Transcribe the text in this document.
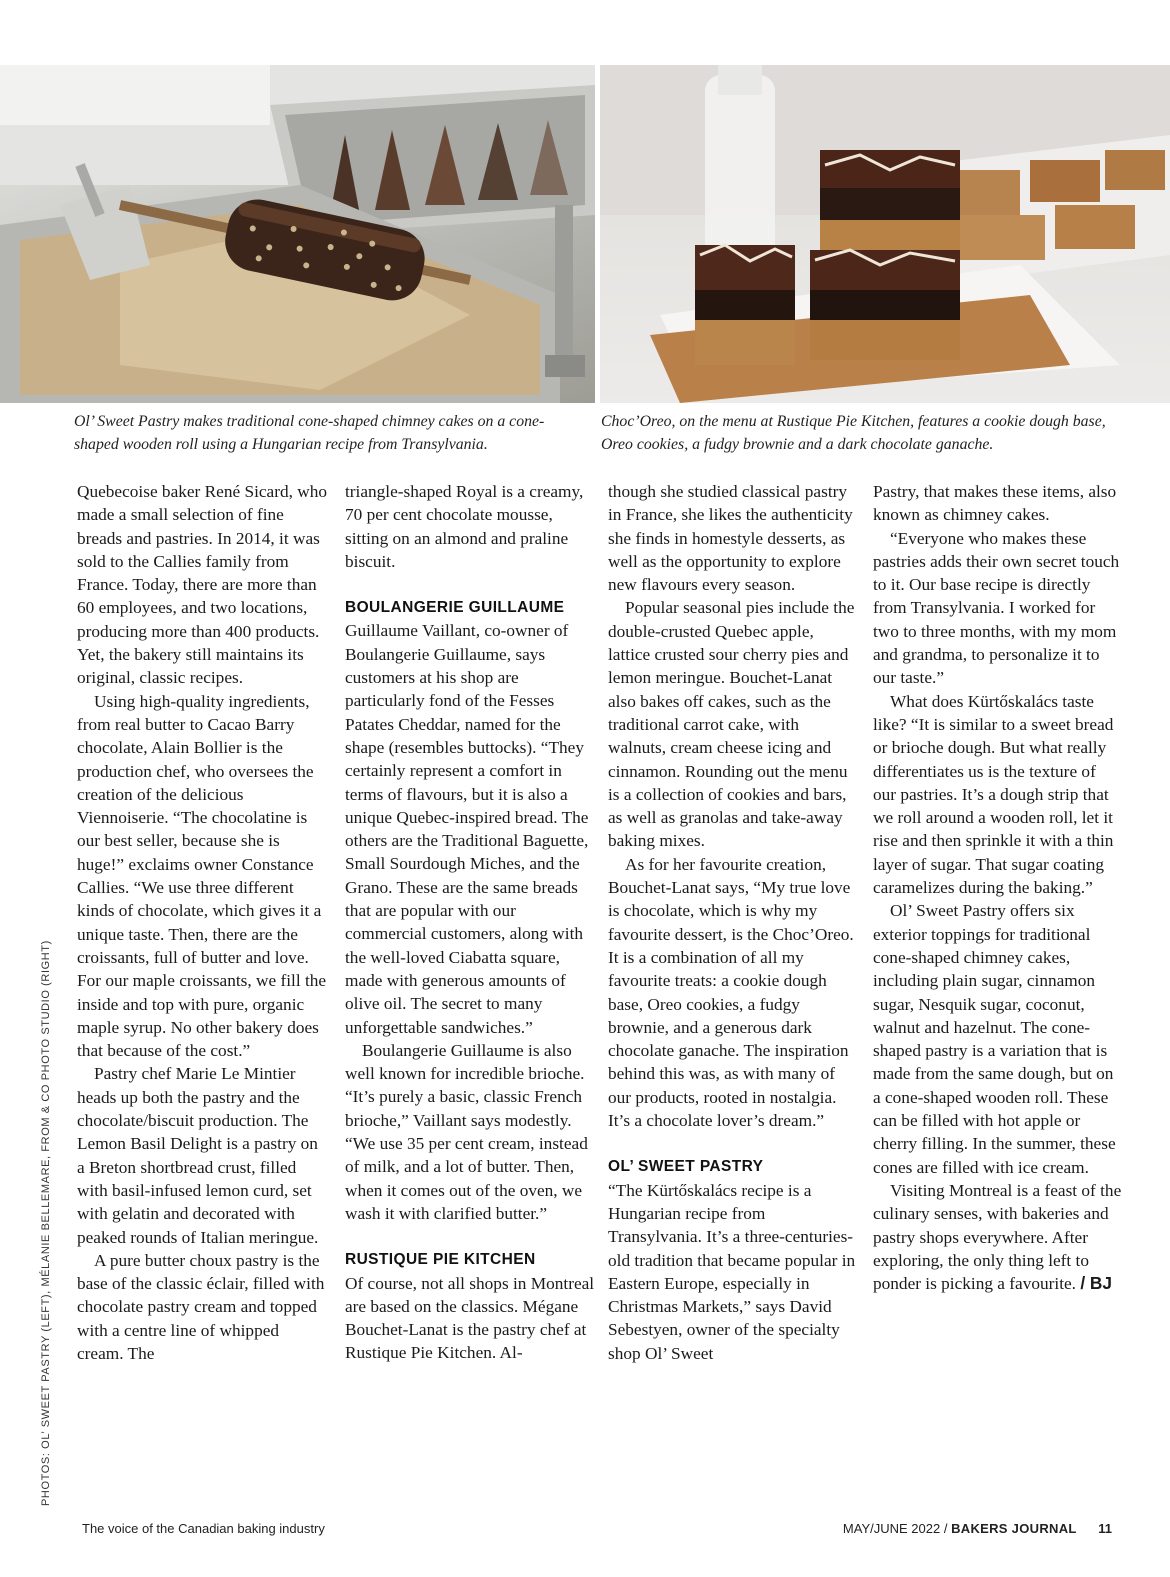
Ol’ Sweet Pastry makes traditional cone-shaped chimney cakes on a cone-shaped wooden roll using a Hungarian recipe from Transylvania.
Choc’Oreo, on the menu at Rustique Pie Kitchen, features a cookie dough base, Oreo cookies, a fudgy brownie and a dark chocolate ganache.
PHOTOS: OL’ SWEET PASTRY (LEFT), MÉLANIE BELLEMARE, FROM & CO PHOTO STUDIO (RIGHT)

Quebecoise baker René Sicard, who made a small selection of fine breads and pastries. In 2014, it was sold to the Callies family from France. Today, there are more than 60 employees, and two locations, producing more than 400 products. Yet, the bakery still maintains its original, classic recipes.

Using high-quality ingredients, from real butter to Cacao Barry chocolate, Alain Bollier is the production chef, who oversees the creation of the delicious Viennoiserie. “The chocolatine is our best seller, because she is huge!” exclaims owner Constance Callies. “We use three different kinds of chocolate, which gives it a unique taste. Then, there are the croissants, full of butter and love. For our maple croissants, we fill the inside and top with pure, organic maple syrup. No other bakery does that because of the cost.”

Pastry chef Marie Le Mintier heads up both the pastry and the chocolate/biscuit production. The Lemon Basil Delight is a pastry on a Breton shortbread crust, filled with basil-infused lemon curd, set with gelatin and decorated with peaked rounds of Italian meringue.

A pure butter choux pastry is the base of the classic éclair, filled with chocolate pastry cream and topped with a centre line of whipped cream. The

triangle-shaped Royal is a creamy, 70 per cent chocolate mousse, sitting on an almond and praline biscuit.

BOULANGERIE GUILLAUME

Guillaume Vaillant, co-owner of Boulangerie Guillaume, says customers at his shop are particularly fond of the Fesses Patates Cheddar, named for the shape (resembles buttocks). “They certainly represent a comfort in terms of flavours, but it is also a unique Quebec-inspired bread. The others are the Traditional Baguette, Small Sourdough Miches, and the Grano. These are the same breads that are popular with our commercial customers, along with the well-loved Ciabatta square, made with generous amounts of olive oil. The secret to many unforgettable sandwiches.”

Boulangerie Guillaume is also well known for incredible brioche. “It’s purely a basic, classic French brioche,” Vaillant says modestly. “We use 35 per cent cream, instead of milk, and a lot of butter. Then, when it comes out of the oven, we wash it with clarified butter.”

RUSTIQUE PIE KITCHEN

Of course, not all shops in Montreal are based on the classics. Mégane Bouchet-Lanat is the pastry chef at Rustique Pie Kitchen. Al-

though she studied classical pastry in France, she likes the authenticity she finds in homestyle desserts, as well as the opportunity to explore new flavours every season.

Popular seasonal pies include the double-crusted Quebec apple, lattice crusted sour cherry pies and lemon meringue. Bouchet-Lanat also bakes off cakes, such as the traditional carrot cake, with walnuts, cream cheese icing and cinnamon. Rounding out the menu is a collection of cookies and bars, as well as granolas and take-away baking mixes.

As for her favourite creation, Bouchet-Lanat says, “My true love is chocolate, which is why my favourite dessert, is the Choc’Oreo. It is a combination of all my favourite treats: a cookie dough base, Oreo cookies, a fudgy brownie, and a generous dark chocolate ganache. The inspiration behind this was, as with many of our products, rooted in nostalgia. It’s a chocolate lover’s dream.”

OL’ SWEET PASTRY

“The Kürtőskalács recipe is a Hungarian recipe from Transylvania. It’s a three-centuries-old tradition that became popular in Eastern Europe, especially in Christmas Markets,” says David Sebestyen, owner of the specialty shop Ol’ Sweet

Pastry, that makes these items, also known as chimney cakes.

“Everyone who makes these pastries adds their own secret touch to it. Our base recipe is directly from Transylvania. I worked for two to three months, with my mom and grandma, to personalize it to our taste.”

What does Kürtőskalács taste like? “It is similar to a sweet bread or brioche dough. But what really differentiates us is the texture of our pastries. It’s a dough strip that we roll around a wooden roll, let it rise and then sprinkle it with a thin layer of sugar. That sugar coating caramelizes during the baking.”

Ol’ Sweet Pastry offers six exterior toppings for traditional cone-shaped chimney cakes, including plain sugar, cinnamon sugar, Nesquik sugar, coconut, walnut and hazelnut. The cone-shaped pastry is a variation that is made from the same dough, but on a cone-shaped wooden roll. These can be filled with hot apple or cherry filling. In the summer, these cones are filled with ice cream.

Visiting Montreal is a feast of the culinary senses, with bakeries and pastry shops everywhere. After exploring, the only thing left to ponder is picking a favourite. / BJ

The voice of the Canadian baking industry	MAY/JUNE 2022 / BAKERS JOURNAL 11
